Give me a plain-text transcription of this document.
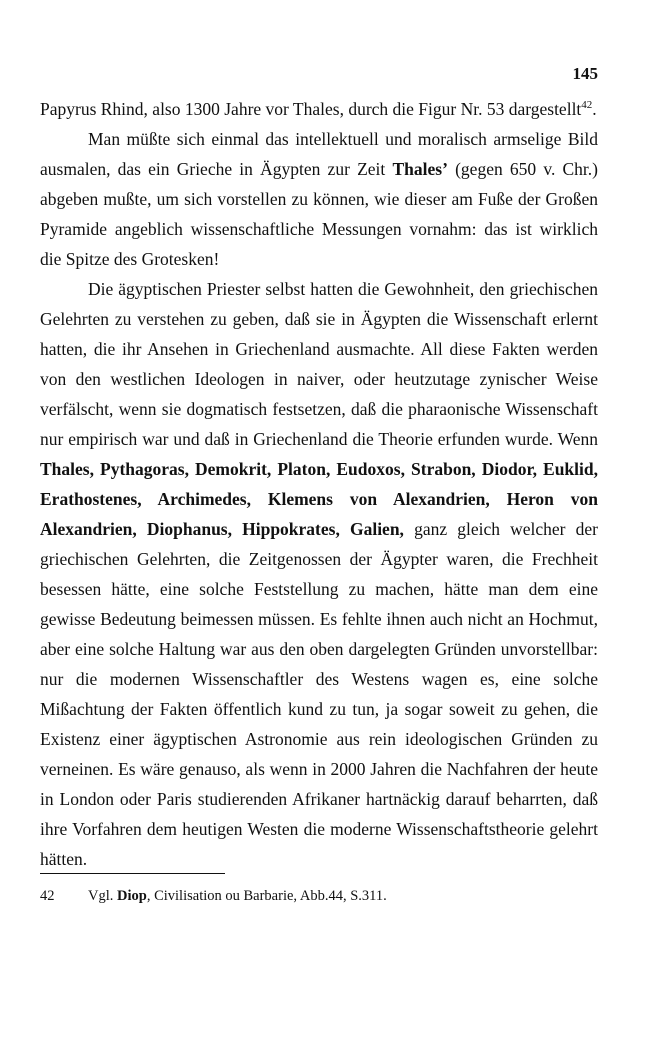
145

Papyrus Rhind, also 1300 Jahre vor Thales, durch die Figur Nr. 53 dargestellt$^{42}$.

Man müßte sich einmal das intellektuell und moralisch armselige Bild ausmalen, das ein Grieche in Ägypten zur Zeit Thales’ (gegen 650 v. Chr.) abgeben mußte, um sich vorstellen zu können, wie dieser am Fuße der Großen Pyramide angeblich wissenschaftliche Messungen vornahm: das ist wirklich die Spitze des Grotesken!

Die ägyptischen Priester selbst hatten die Gewohnheit, den griechischen Gelehrten zu verstehen zu geben, daß sie in Ägypten die Wissenschaft erlernt hatten, die ihr Ansehen in Griechenland ausmachte. All diese Fakten werden von den westlichen Ideologen in naiver, oder heutzutage zynischer Weise verfälscht, wenn sie dogmatisch festsetzen, daß die pharaonische Wissenschaft nur empirisch war und daß in Griechenland die Theorie erfunden wurde. Wenn Thales, Pythagoras, Demokrit, Platon, Eudoxos, Strabon, Diodor, Euklid, Erathostenes, Archimedes, Klemens von Alexandrien, Heron von Alexandrien, Diophanus, Hippokrates, Galien, ganz gleich welcher der griechischen Gelehrten, die Zeitgenossen der Ägypter waren, die Frechheit besessen hätte, eine solche Feststellung zu machen, hätte man dem eine gewisse Bedeutung beimessen müssen. Es fehlte ihnen auch nicht an Hochmut, aber eine solche Haltung war aus den oben dargelegten Gründen unvorstellbar: nur die modernen Wissenschaftler des Westens wagen es, eine solche Mißachtung der Fakten öffentlich kund zu tun, ja sogar soweit zu gehen, die Existenz einer ägyptischen Astronomie aus rein ideologischen Gründen zu verneinen. Es wäre genauso, als wenn in 2000 Jahren die Nachfahren der heute in London oder Paris studierenden Afrikaner hartnäckig darauf beharrten, daß ihre Vorfahren dem heutigen Westen die moderne Wissenschaftstheorie gelehrt hätten.

42 Vgl. Diop, Civilisation ou Barbarie, Abb.44, S.311.
